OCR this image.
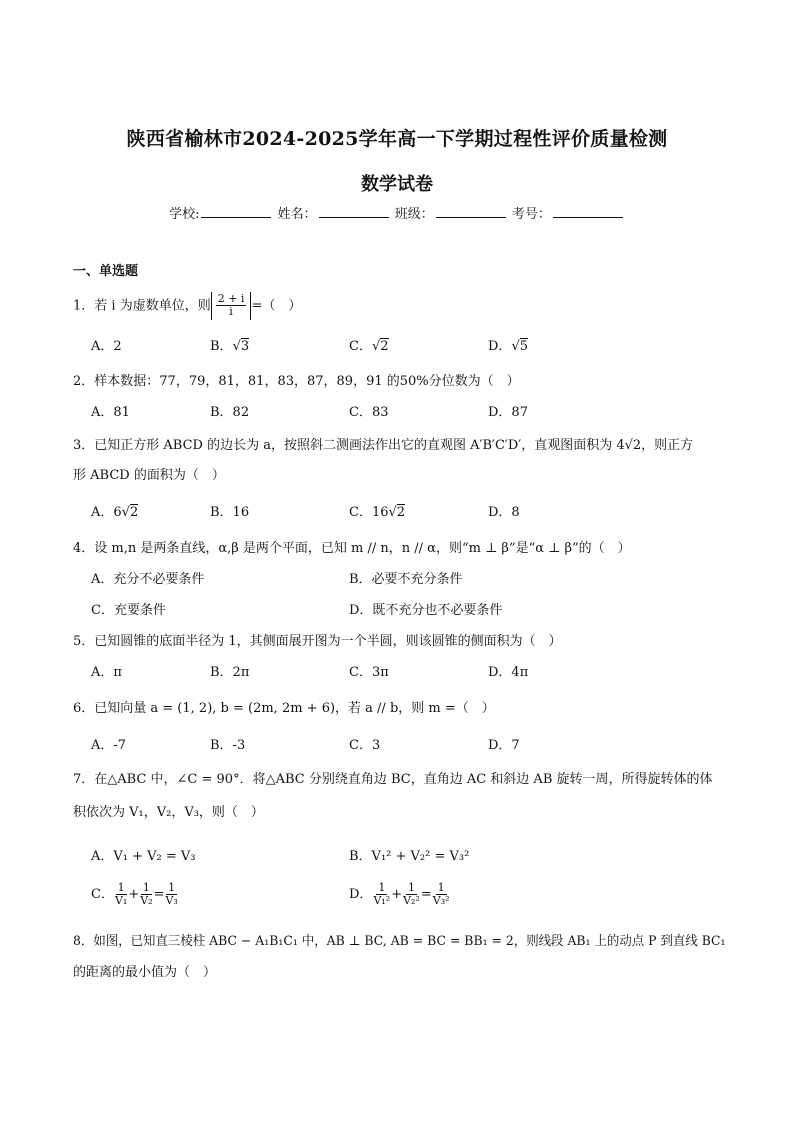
陕西省榆林市2024-2025学年高一下学期过程性评价质量检测
数学试卷
学校:	姓名：	班级：	考号：
一、单选题
1．若 i 为虚数单位，则 $\frac{2 + i}{i}$ =（　）
A．2	B．√3	C．√2	D．√5
2．样本数据：77，79，81，81，83，87，89，91 的50%分位数为（　）
A．81	B．82	C．83	D．87
3．已知正方形 ABCD 的边长为 a，按照斜二测画法作出它的直观图 A′B′C′D′，直观图面积为 4√2，则正方
形 ABCD 的面积为（　）
A．6√2	B．16	C．16√2	D．8
4．设 m,n 是两条直线，α,β 是两个平面，已知 m // n，n // α，则“m ⊥ β”是“α ⊥ β”的（　）
A．充分不必要条件	B．必要不充分条件
C．充要条件	D．既不充分也不必要条件
5．已知圆锥的底面半径为 1，其侧面展开图为一个半圆，则该圆锥的侧面积为（　）
A．π	B．2π	C．3π	D．4π
6．已知向量 a = (1, 2), b = (2m, 2m + 6)，若 a // b，则 m =（　）
A．-7	B．-3	C．3	D．7
7．在△ABC 中，∠C = 90°．将△ABC 分别绕直角边 BC，直角边 AC 和斜边 AB 旋转一周，所得旋转体的体
积依次为 V₁，V₂，V₃，则（　）
A．V₁ + V₂ = V₃	B．V₁² + V₂² = V₃²
C． $\frac{1}{\text{V₁}} + \frac{1}{\text{V₂}} = \frac{1}{\text{V₃}}$	D． $\frac{1}{\text{V₁²}} + \frac{1}{\text{V₂²}} = \frac{1}{\text{V₃²}}$
8．如图，已知直三棱柱 ABC − A₁B₁C₁ 中，AB ⊥ BC, AB = BC = BB₁ = 2，则线段 AB₁ 上的动点 P 到直线 BC₁
的距离的最小值为（　）
